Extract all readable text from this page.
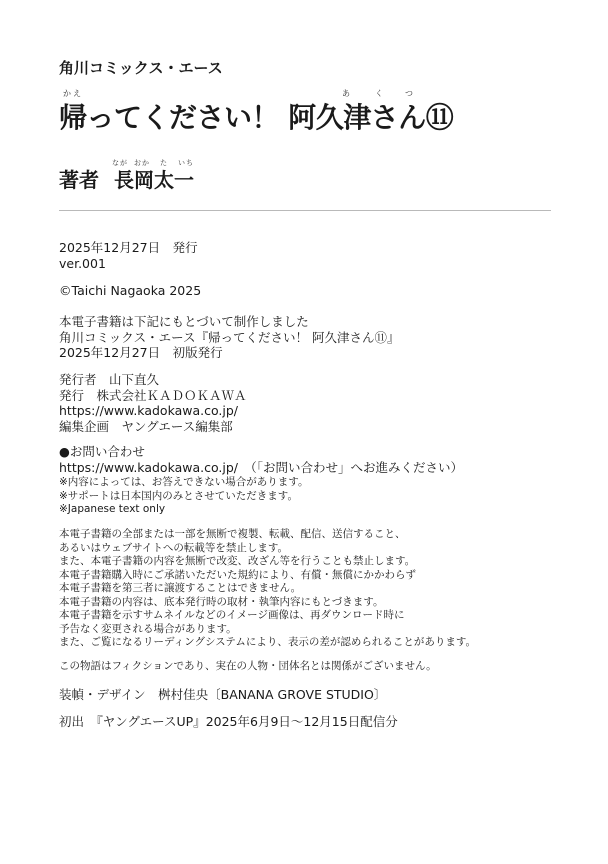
角川コミックス・エース
かえ	あ	く	つ
帰ってください！ 阿久津さん⑪
なが おか た いち
著者 長岡太一
2025年12月27日　発行
ver.001
©Taichi Nagaoka 2025
本電子書籍は下記にもとづいて制作しました
角川コミックス・エース『帰ってください！ 阿久津さん⑪』
2025年12月27日　初版発行
発行者　山下直久
発行　株式会社ＫＡＤＯＫＡＷＡ
https://www.kadokawa.co.jp/
編集企画　ヤングエース編集部
●お問い合わせ
https://www.kadokawa.co.jp/　（「お問い合わせ」へお進みください）
※内容によっては、お答えできない場合があります。
※サポートは日本国内のみとさせていただきます。
※Japanese text only
本電子書籍の全部または一部を無断で複製、転載、配信、送信すること、
あるいはウェブサイトへの転載等を禁止します。
また、本電子書籍の内容を無断で改変、改ざん等を行うことも禁止します。
本電子書籍購入時にご承諾いただいた規約により、有償・無償にかかわらず
本電子書籍を第三者に譲渡することはできません。
本電子書籍の内容は、底本発行時の取材・執筆内容にもとづきます。
本電子書籍を示すサムネイルなどのイメージ画像は、再ダウンロード時に
予告なく変更される場合があります。
また、ご覧になるリーディングシステムにより、表示の差が認められることがあります。
この物語はフィクションであり、実在の人物・団体名とは関係がございません。
装幀・デザイン　桝村佳央〔BANANA GROVE STUDIO〕
初出　『ヤングエースUP』2025年6月9日〜12月15日配信分
